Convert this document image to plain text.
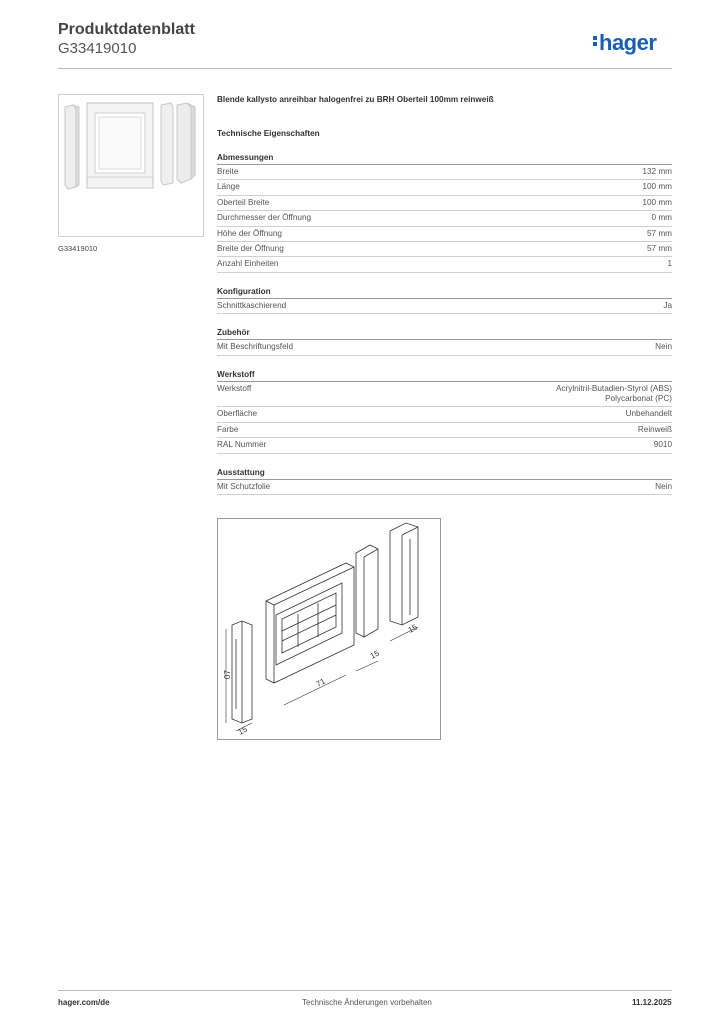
Produktdatenblatt
G33419010	hager
G33419010
Blende kallysto anreihbar halogenfrei zu BRH Oberteil 100mm reinweiß
Technische Eigenschaften
Abmessungen
Breite	132 mm
Länge	100 mm
Oberteil Breite	100 mm
Durchmesser der Öffnung	0 mm
Höhe der Öffnung	57 mm
Breite der Öffnung	57 mm
Anzahl Einheiten	1
Konfiguration
Schnittkaschierend	Ja
Zubehör
Mit Beschriftungsfeld	Nein
Werkstoff
Werkstoff	Acrylnitril-Butadien-Styrol (ABS)
Polycarbonat (PC)
Oberfläche	Unbehandelt
Farbe	Reinweiß
RAL Nummer	9010
Ausstattung
Mit Schutzfolie	Nein
07
15
71
15
15
hager.com/de	Technische Änderungen vorbehalten	11.12.2025
